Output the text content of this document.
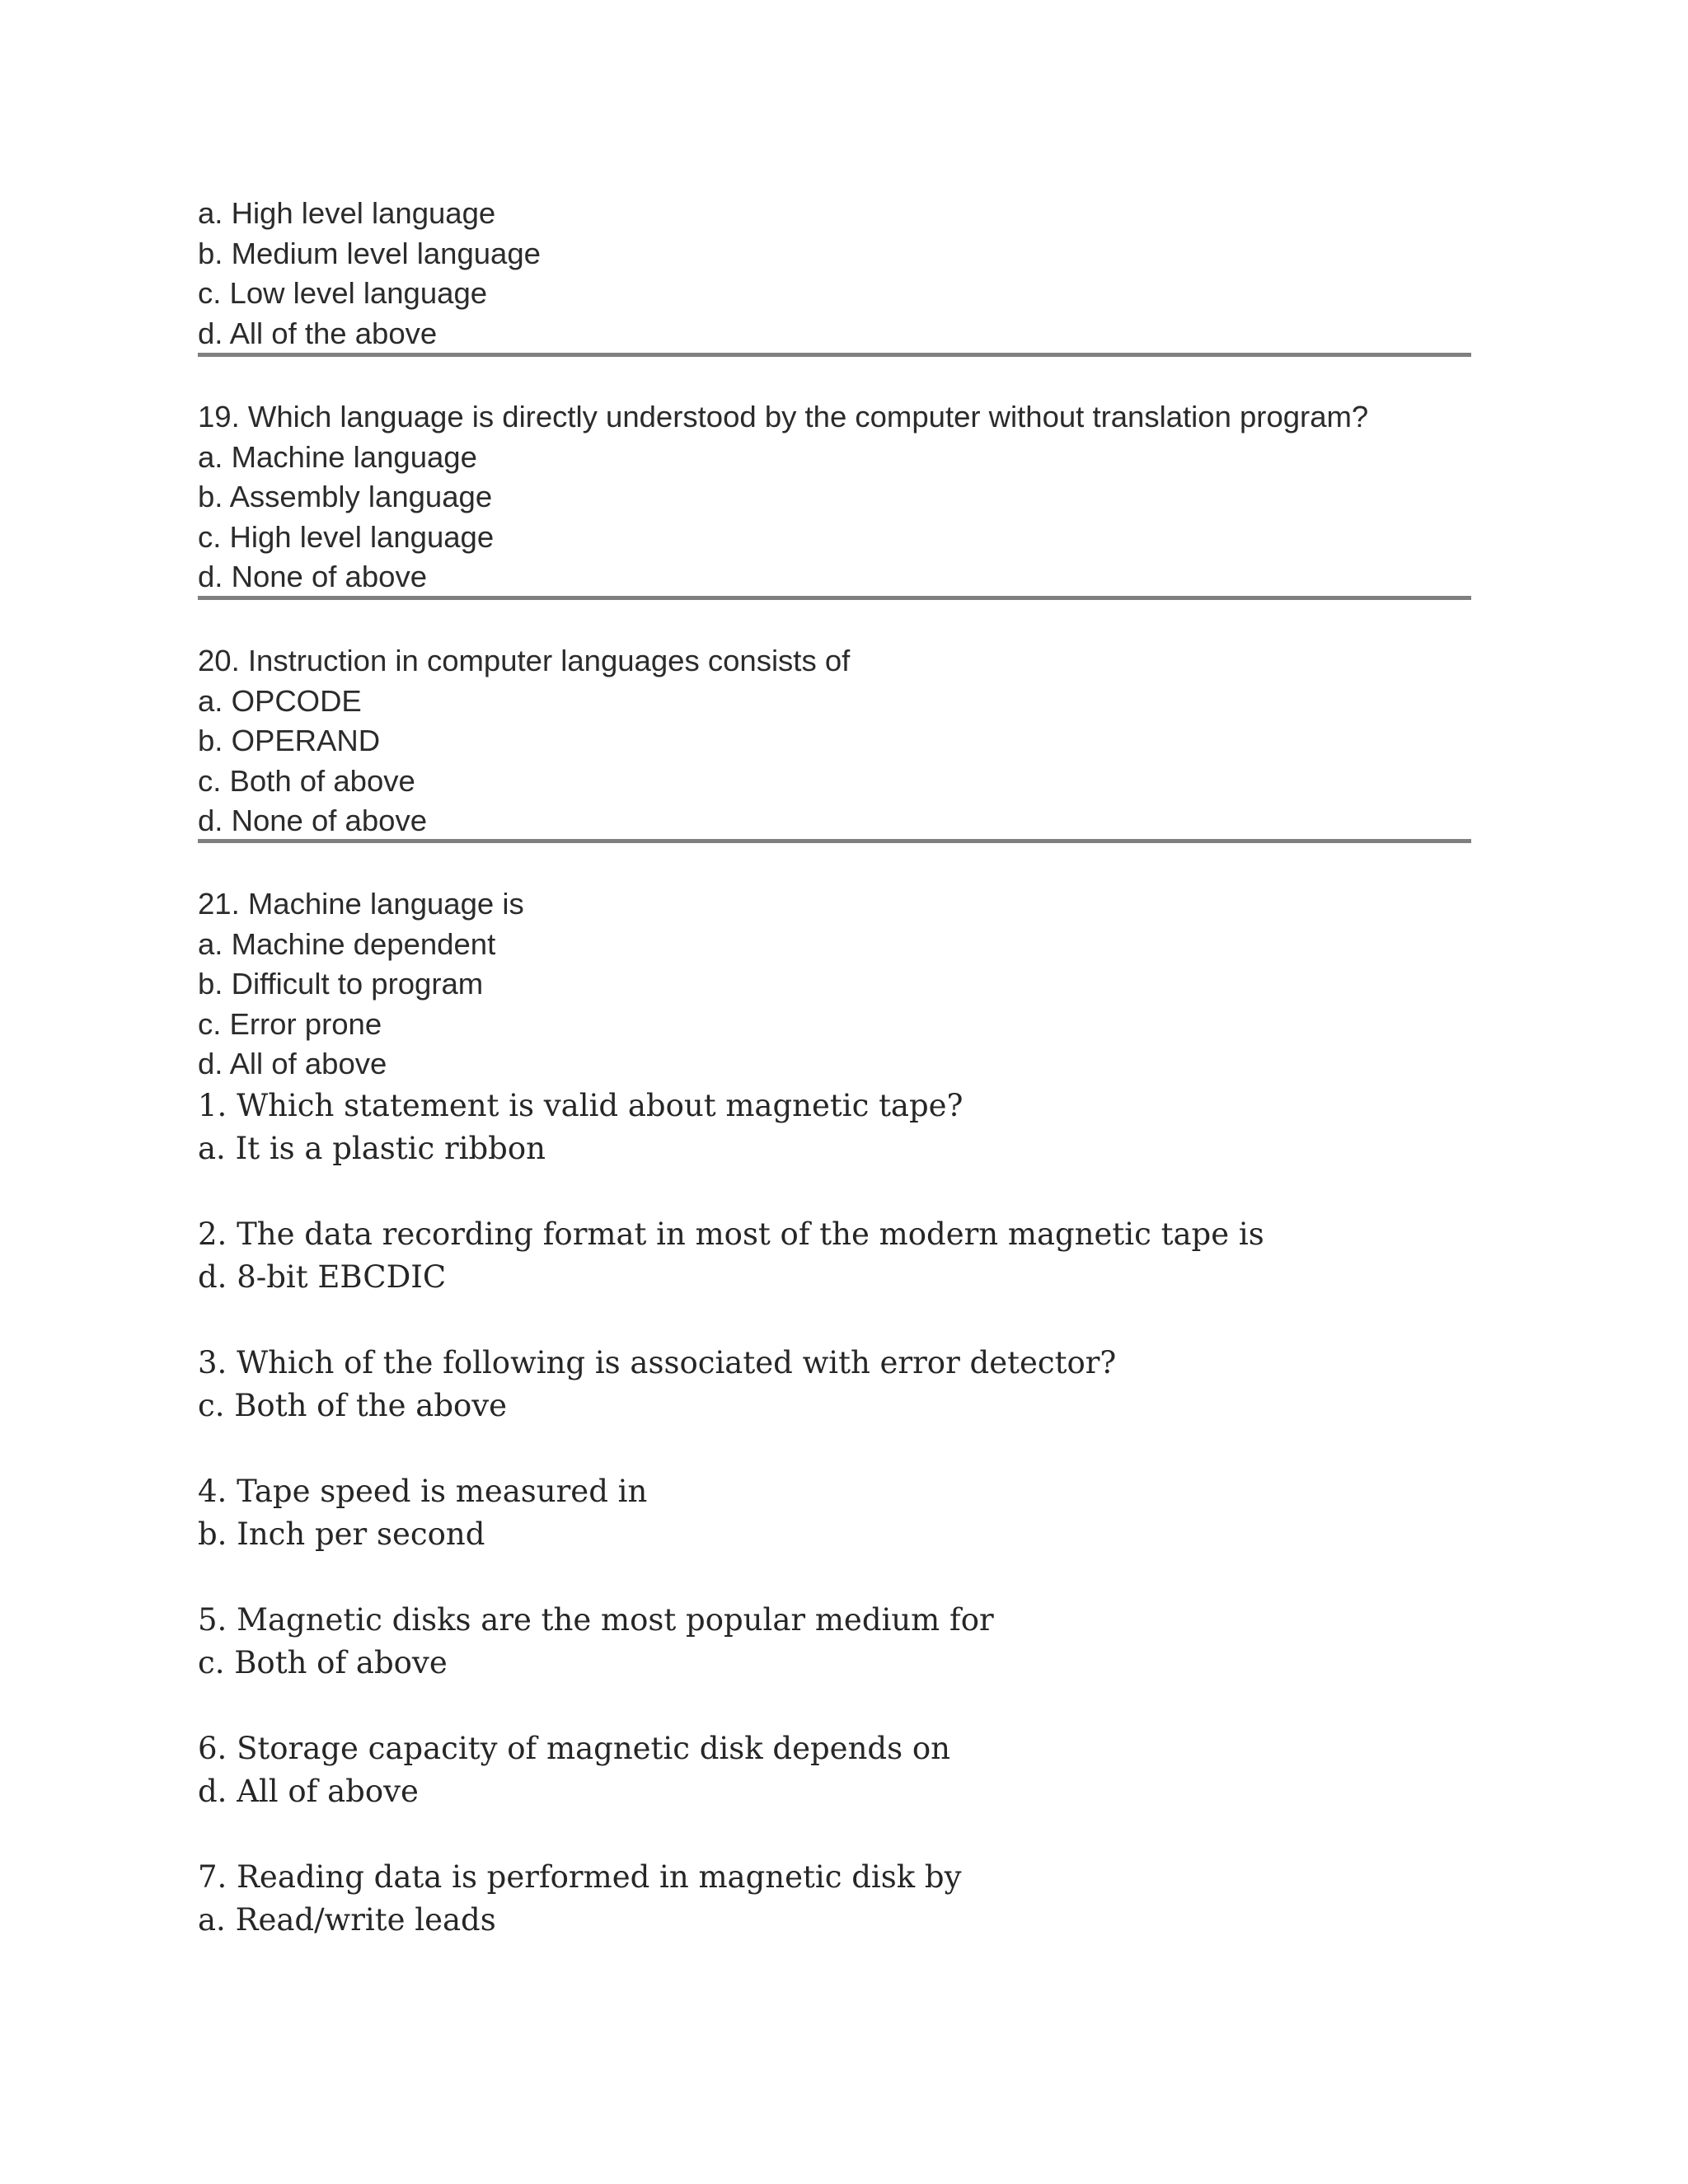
a. High level language
b. Medium level language
c. Low level language
d. All of the above
19. Which language is directly understood by the computer without translation program?
a. Machine language
b. Assembly language
c. High level language
d. None of above
20. Instruction in computer languages consists of
a. OPCODE
b. OPERAND
c. Both of above
d. None of above
21. Machine language is
a. Machine dependent
b. Difficult to program
c. Error prone
d. All of above
1. Which statement is valid about magnetic tape?
a. It is a plastic ribbon
2. The data recording format in most of the modern magnetic tape is
d. 8-bit EBCDIC
3. Which of the following is associated with error detector?
c. Both of the above
4. Tape speed is measured in
b. Inch per second
5. Magnetic disks are the most popular medium for
c. Both of above
6. Storage capacity of magnetic disk depends on
d. All of above
7. Reading data is performed in magnetic disk by
a. Read/write leads
